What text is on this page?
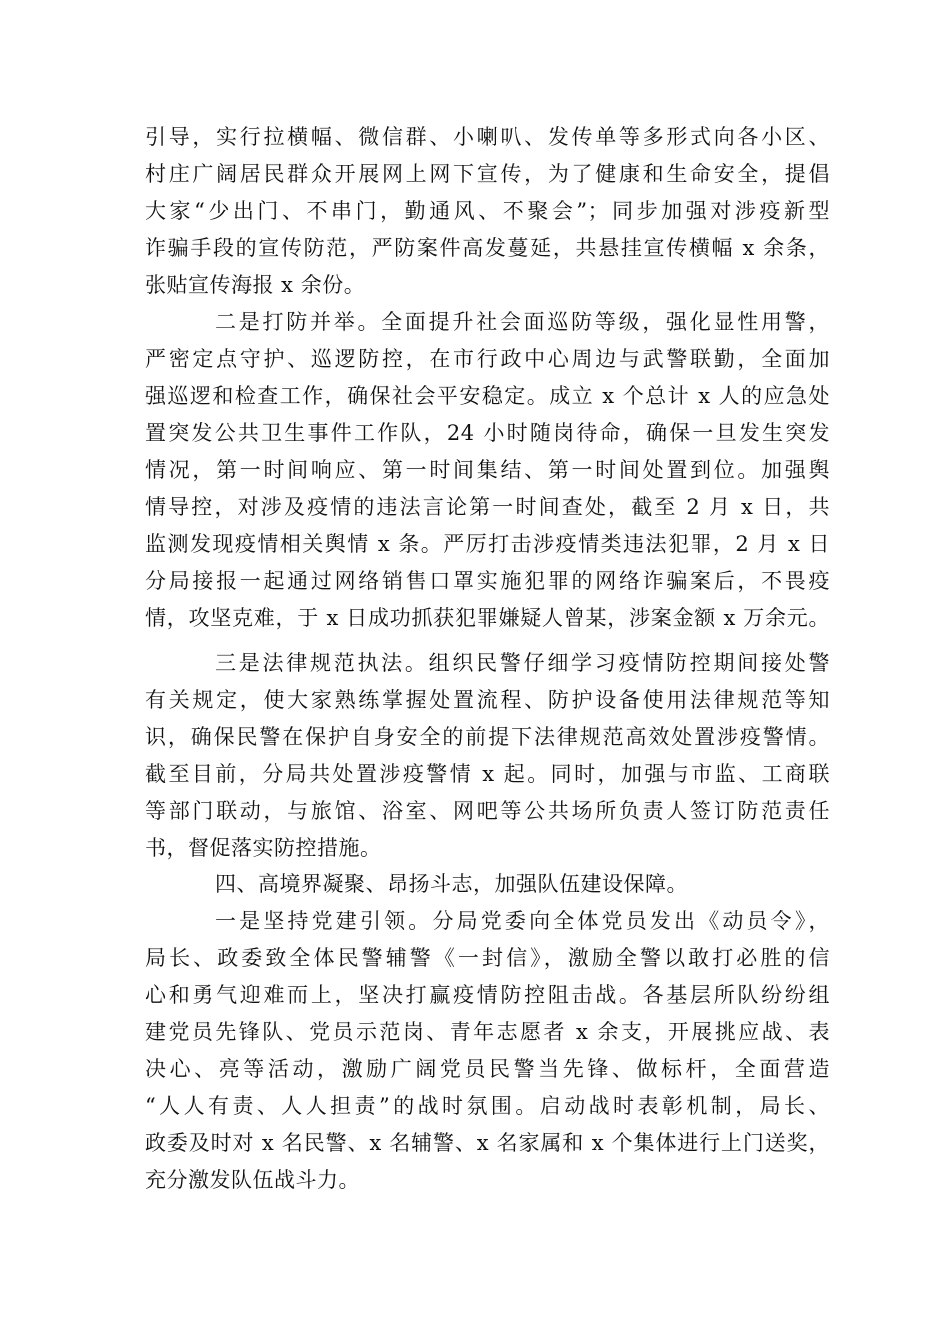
引导，实行拉横幅、微信群、小喇叭、发传单等多形式向各小区、
村庄广阔居民群众开展网上网下宣传，为了健康和生命安全，提倡
大家“少出门、不串门，勤通风、不聚会”；同步加强对涉疫新型
诈骗手段的宣传防范，严防案件高发蔓延，共悬挂宣传横幅 x 余条，
张贴宣传海报 x 余份。
二是打防并举。全面提升社会面巡防等级，强化显性用警，
严密定点守护、巡逻防控，在市行政中心周边与武警联勤，全面加
强巡逻和检查工作，确保社会平安稳定。成立 x 个总计 x 人的应急处
置突发公共卫生事件工作队，24 小时随岗待命，确保一旦发生突发
情况，第一时间响应、第一时间集结、第一时间处置到位。加强舆
情导控，对涉及疫情的违法言论第一时间查处，截至 2 月 x 日，共
监测发现疫情相关舆情 x 条。严厉打击涉疫情类违法犯罪，2 月 x 日
分局接报一起通过网络销售口罩实施犯罪的网络诈骗案后，不畏疫
情，攻坚克难，于 x 日成功抓获犯罪嫌疑人曾某，涉案金额 x 万余元。
三是法律规范执法。组织民警仔细学习疫情防控期间接处警
有关规定，使大家熟练掌握处置流程、防护设备使用法律规范等知
识，确保民警在保护自身安全的前提下法律规范高效处置涉疫警情。
截至目前，分局共处置涉疫警情 x 起。同时，加强与市监、工商联
等部门联动，与旅馆、浴室、网吧等公共场所负责人签订防范责任
书，督促落实防控措施。
四、高境界凝聚、昂扬斗志，加强队伍建设保障。
一是坚持党建引领。分局党委向全体党员发出《动员令》，
局长、政委致全体民警辅警《一封信》，激励全警以敢打必胜的信
心和勇气迎难而上，坚决打赢疫情防控阻击战。各基层所队纷纷组
建党员先锋队、党员示范岗、青年志愿者 x 余支，开展挑应战、表
决心、亮等活动，激励广阔党员民警当先锋、做标杆，全面营造
“人人有责、人人担责”的战时氛围。启动战时表彰机制，局长、
政委及时对 x 名民警、x 名辅警、x 名家属和 x 个集体进行上门送奖，
充分激发队伍战斗力。
